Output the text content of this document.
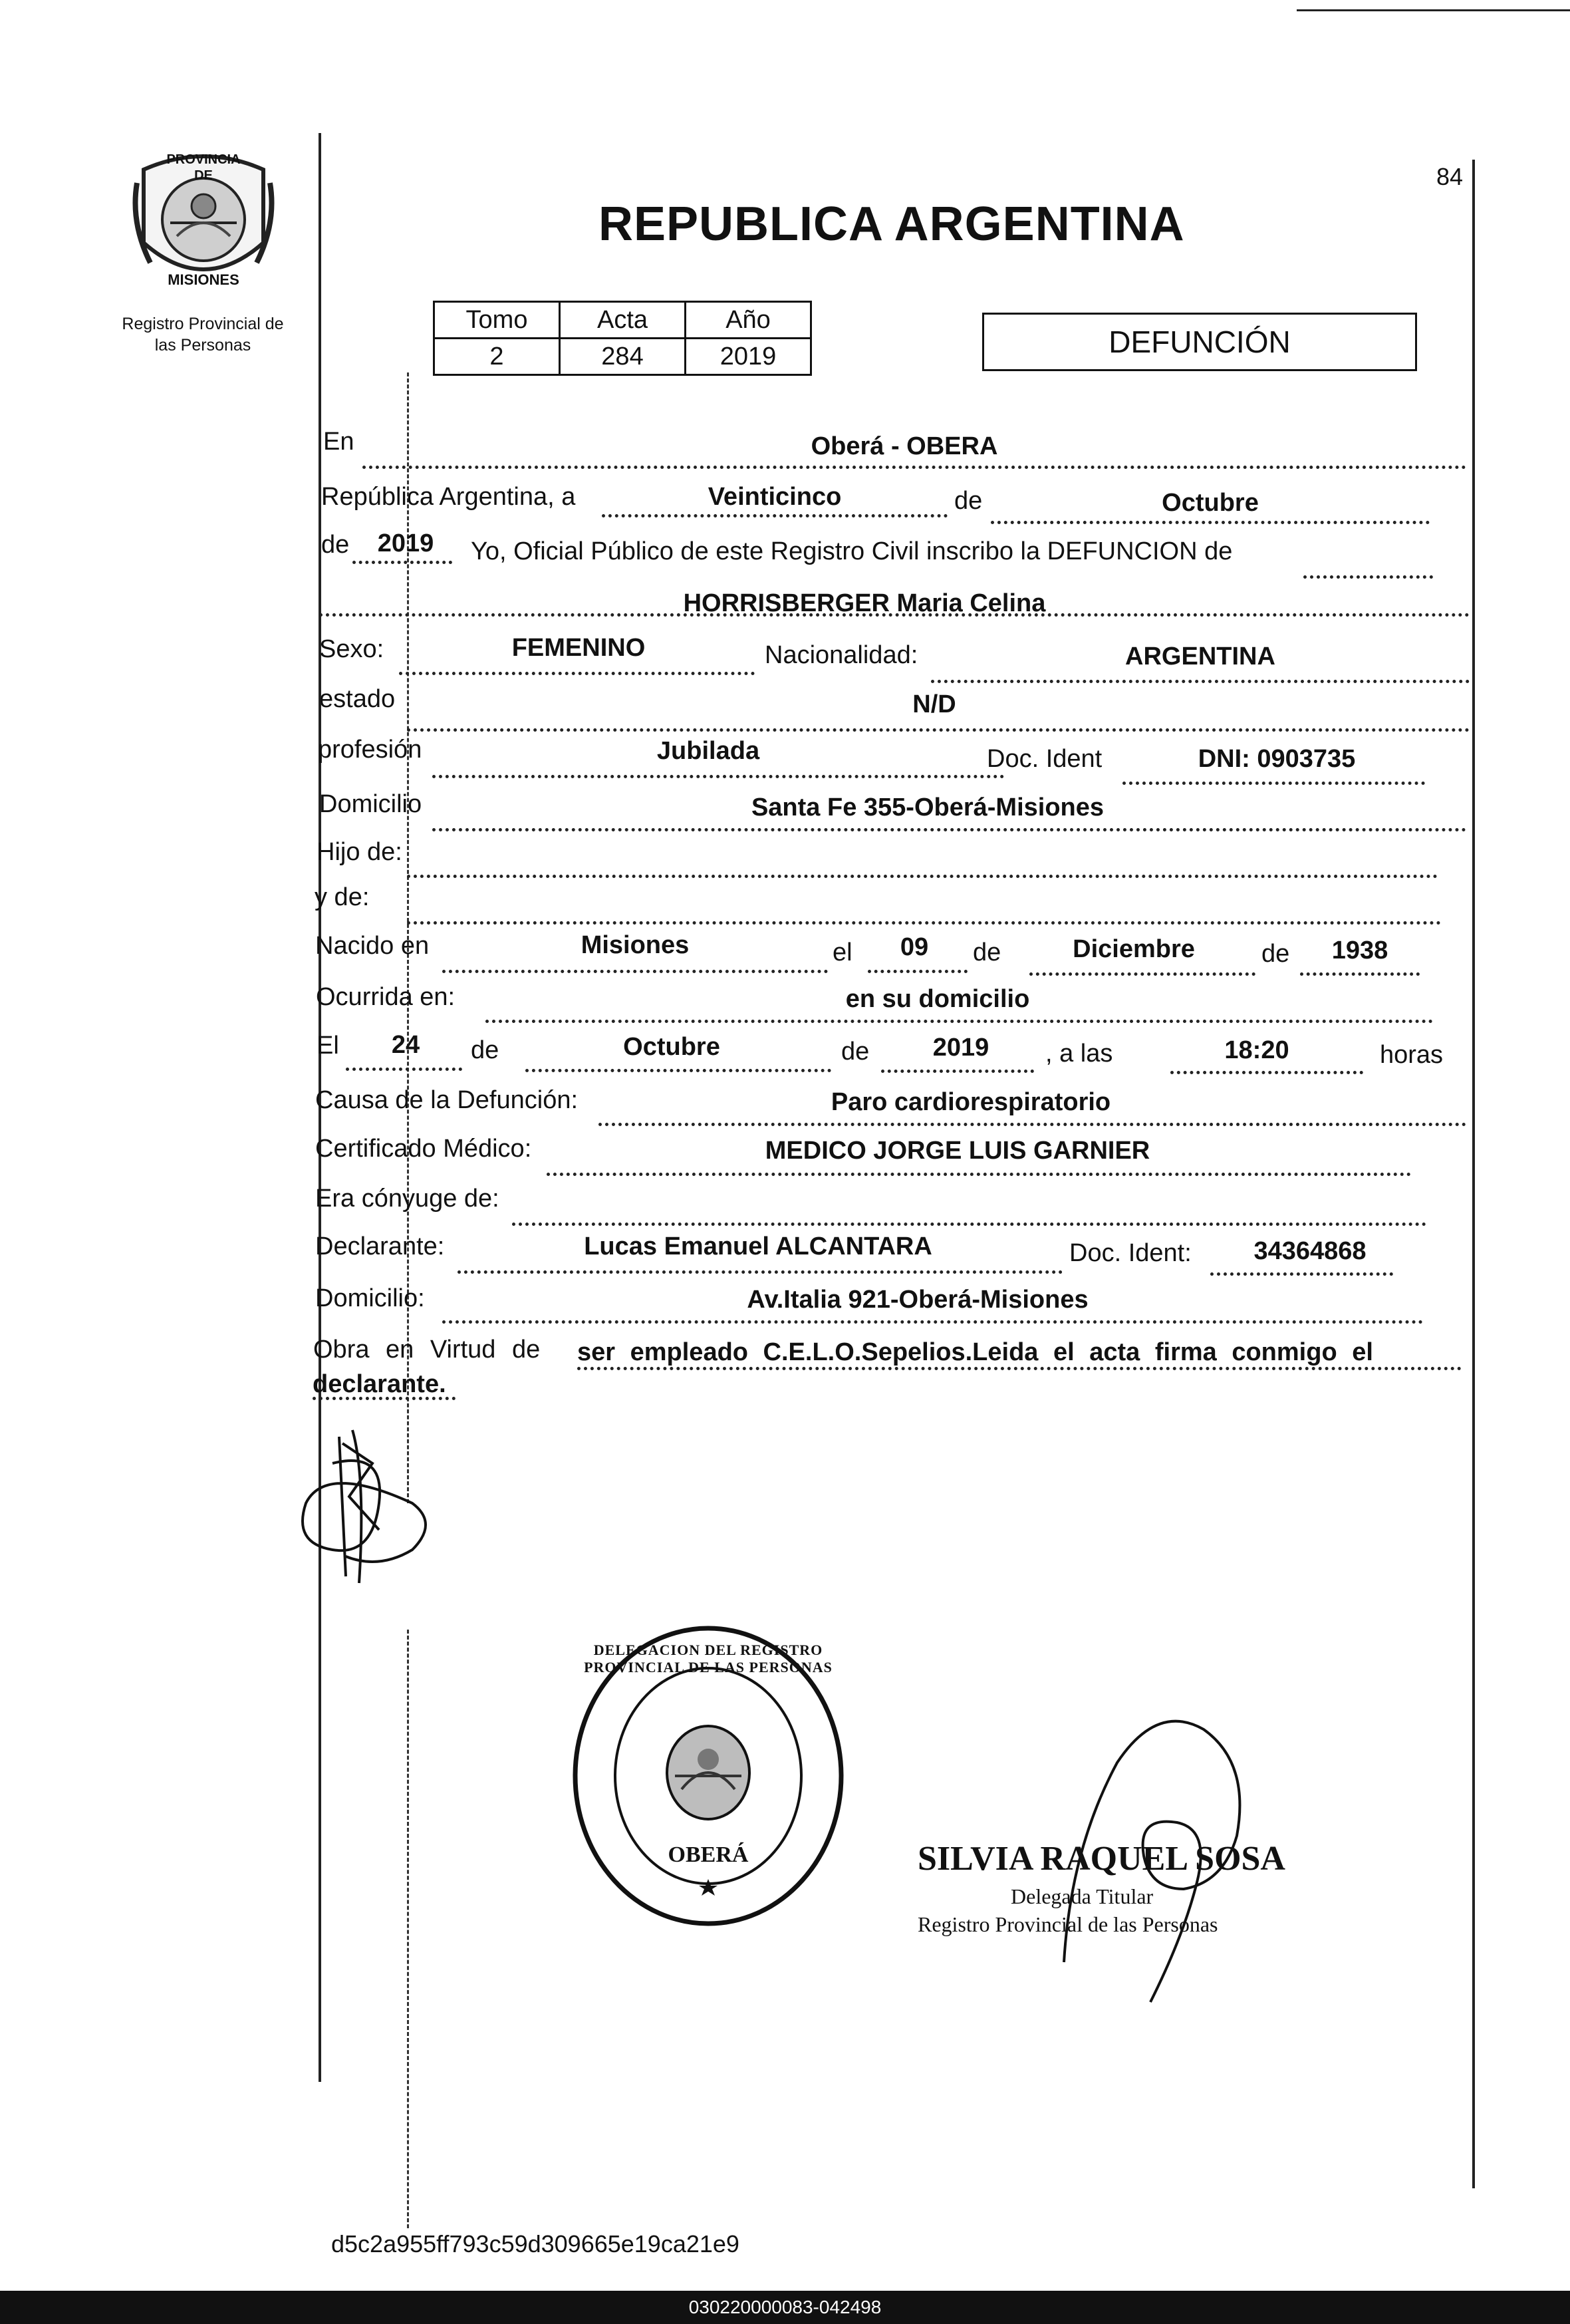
84
PROVINCIA DE
MISIONES
Registro Provincial de
las Personas
REPUBLICA ARGENTINA
Tomo	Acta	Año
2	284	2019	DEFUNCIÓN
En	Oberá - OBERA
República Argentina, a	Veinticinco	de	Octubre
de	2019	Yo, Oficial Público de este Registro Civil inscribo la DEFUNCION de
HORRISBERGER Maria Celina
Sexo:	FEMENINO	Nacionalidad:	ARGENTINA
estado	N/D
profesión	Jubilada	Doc. Ident	DNI: 0903735
Domicilio	Santa Fe 355-Oberá-Misiones
Hijo de:
y de:
Nacido en	Misiones	el	09	de	Diciembre	de	1938
Ocurrida en:	en su domicilio
El	24	de	Octubre	de	2019	, a las	18:20	horas
Causa de la Defunción:	Paro cardiorespiratorio
Certificado Médico:	MEDICO JORGE LUIS GARNIER
Era cónyuge de:
Declarante:	Lucas Emanuel ALCANTARA	Doc. Ident:	34364868
Domicilio:	Av.Italia 921-Oberá-Misiones
Obra en Virtud de ser empleado C.E.L.O.Sepelios.Leida el acta firma conmigo el
declarante.
DELEGACION DEL REGISTRO PROVINCIAL DE LAS PERSONAS
OBERÁ	SILVIA RAQUEL SOSA
Delegada Titular
Registro Provincial de las Personas
d5c2a955ff793c59d309665e19ca21e9
030220000083-042498
